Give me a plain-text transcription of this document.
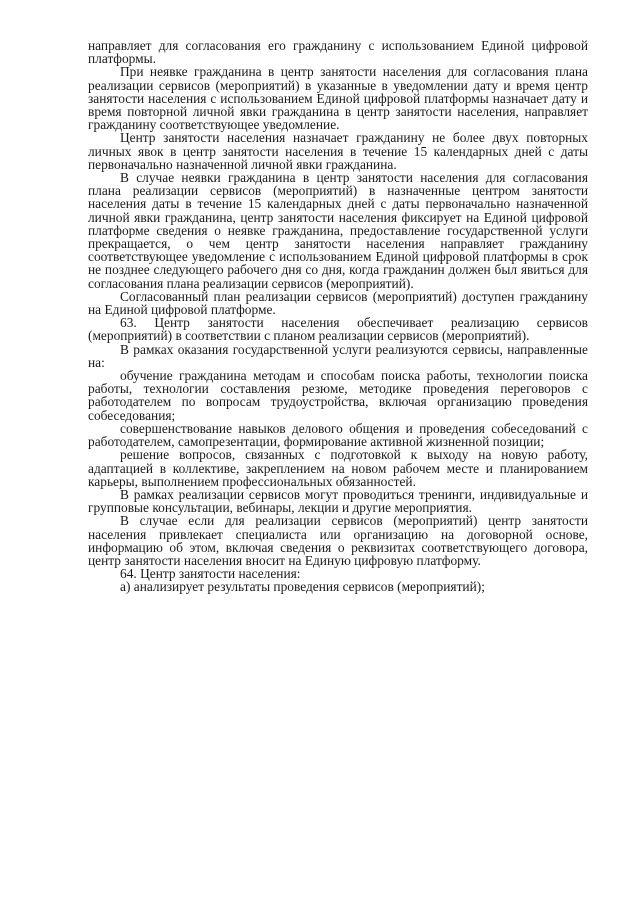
направляет для согласования его гражданину с использованием Единой цифровой платформы.

При неявке гражданина в центр занятости населения для согласования плана реализации сервисов (мероприятий) в указанные в уведомлении дату и время центр занятости населения с использованием Единой цифровой платформы назначает дату и время повторной личной явки гражданина в центр занятости населения, направляет гражданину соответствующее уведомление.

Центр занятости населения назначает гражданину не более двух повторных личных явок в центр занятости населения в течение 15 календарных дней с даты первоначально назначенной личной явки гражданина.

В случае неявки гражданина в центр занятости населения для согласования плана реализации сервисов (мероприятий) в назначенные центром занятости населения даты в течение 15 календарных дней с даты первоначально назначенной личной явки гражданина, центр занятости населения фиксирует на Единой цифровой платформе сведения о неявке гражданина, предоставление государственной услуги прекращается, о чем центр занятости населения направляет гражданину соответствующее уведомление с использованием Единой цифровой платформы в срок не позднее следующего рабочего дня со дня, когда гражданин должен был явиться для согласования плана реализации сервисов (мероприятий).

Согласованный план реализации сервисов (мероприятий) доступен гражданину на Единой цифровой платформе.

63. Центр занятости населения обеспечивает реализацию сервисов (мероприятий) в соответствии с планом реализации сервисов (мероприятий).

В рамках оказания государственной услуги реализуются сервисы, направленные на:

обучение гражданина методам и способам поиска работы, технологии поиска работы, технологии составления резюме, методике проведения переговоров с работодателем по вопросам трудоустройства, включая организацию проведения собеседования;

совершенствование навыков делового общения и проведения собеседований с работодателем, самопрезентации, формирование активной жизненной позиции;

решение вопросов, связанных с подготовкой к выходу на новую работу, адаптацией в коллективе, закреплением на новом рабочем месте и планированием карьеры, выполнением профессиональных обязанностей.

В рамках реализации сервисов могут проводиться тренинги, индивидуальные и групповые консультации, вебинары, лекции и другие мероприятия.

В случае если для реализации сервисов (мероприятий) центр занятости населения привлекает специалиста или организацию на договорной основе, информацию об этом, включая сведения о реквизитах соответствующего договора, центр занятости населения вносит на Единую цифровую платформу.

64. Центр занятости населения:

а) анализирует результаты проведения сервисов (мероприятий);
